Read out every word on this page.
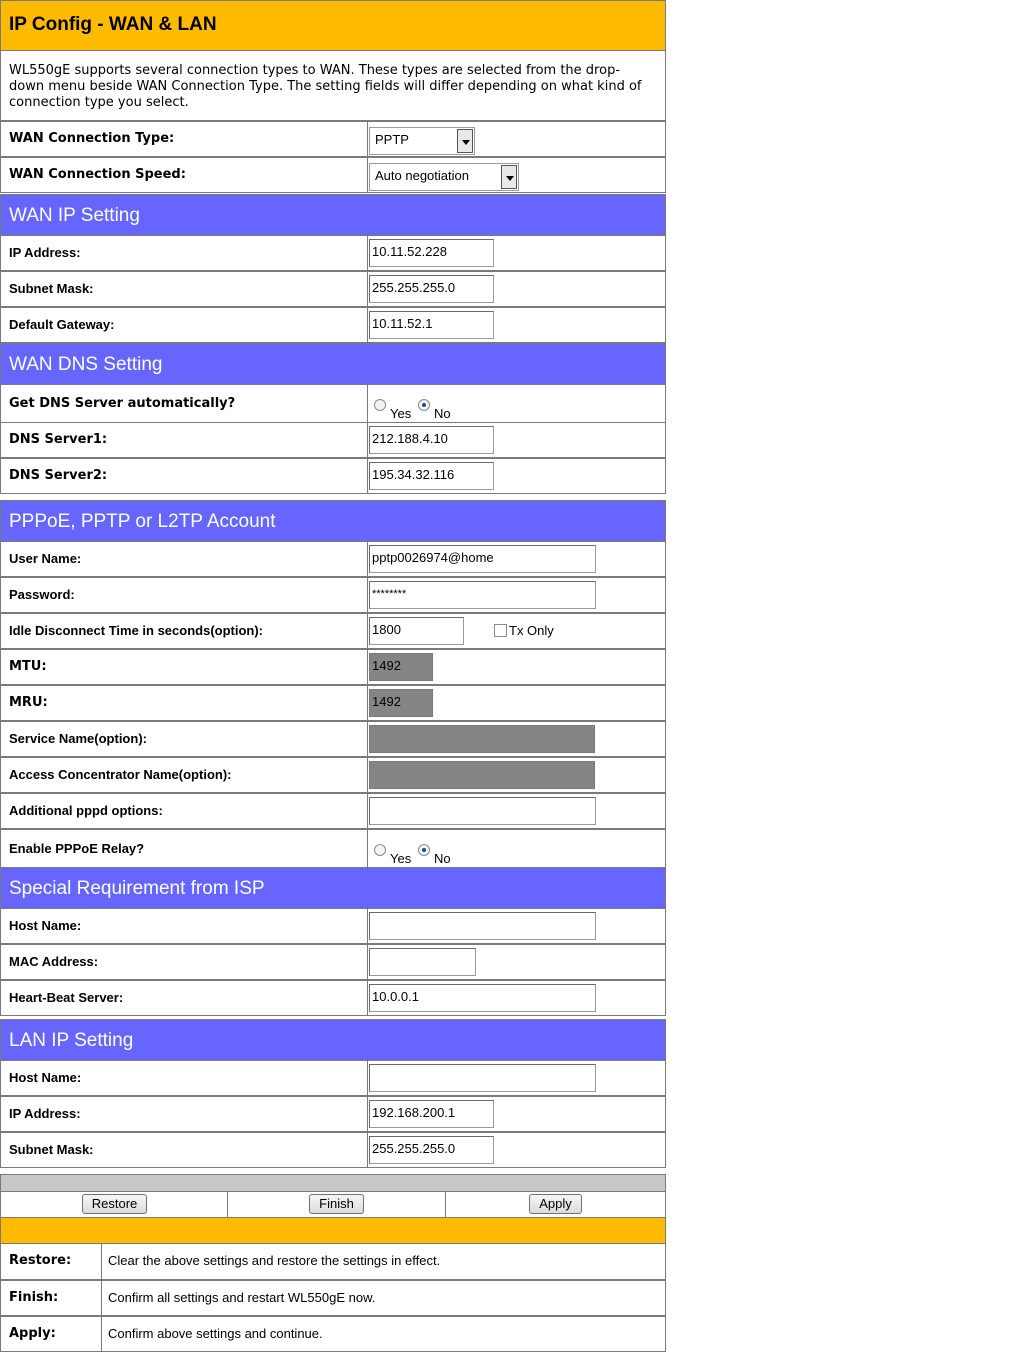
IP Config - WAN & LAN
WL550gE supports several connection types to WAN. These types are selected from the drop-down menu beside WAN Connection Type. The setting fields will differ depending on what kind of connection type you select.
WAN Connection Type:	PPTP
WAN Connection Speed:	Auto negotiation
WAN IP Setting
IP Address:	10.11.52.228
Subnet Mask:	255.255.255.0
Default Gateway:	10.11.52.1
WAN DNS Setting
Get DNS Server automatically?
Yes No
DNS Server1:	212.188.4.10
DNS Server2:	195.34.32.116
PPPoE, PPTP or L2TP Account
User Name:	pptp0026974@home
Password:	********
Idle Disconnect Time in seconds(option):	1800	Tx Only
MTU:	1492
MRU:	1492
Service Name(option):
Access Concentrator Name(option):
Additional pppd options:
Enable PPPoE Relay?
Yes No
Special Requirement from ISP
Host Name:
MAC Address:
Heart-Beat Server:	10.0.0.1
LAN IP Setting
Host Name:
IP Address:	192.168.200.1
Subnet Mask:	255.255.255.0
Restore	Finish	Apply
Restore:	Clear the above settings and restore the settings in effect.
Finish:	Confirm all settings and restart WL550gE now.
Apply:	Confirm above settings and continue.
